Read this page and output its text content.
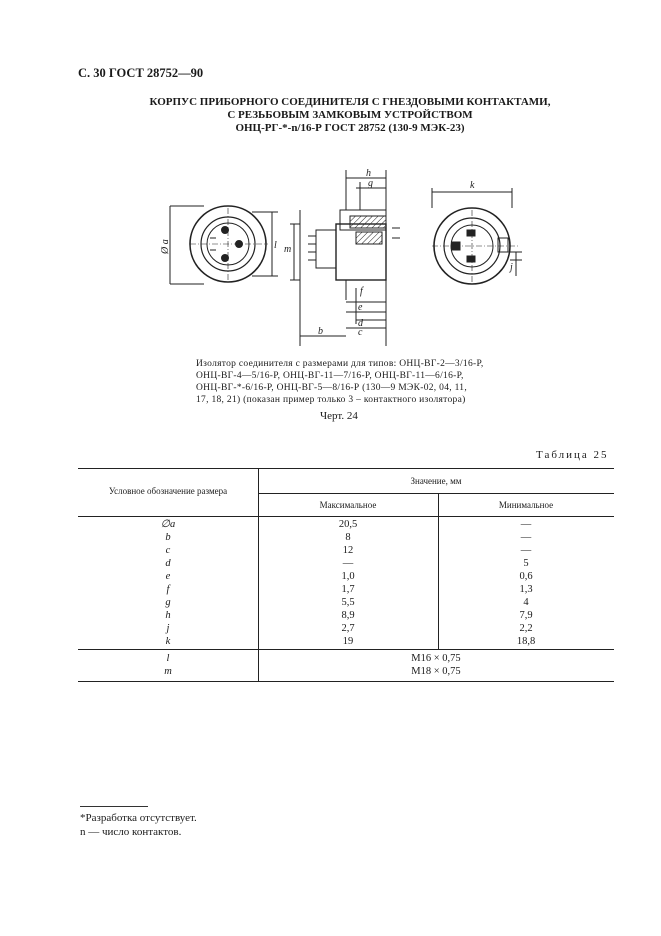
С. 30 ГОСТ 28752—90
КОРПУС ПРИБОРНОГО СОЕДИНИТЕЛЯ С ГНЕЗДОВЫМИ КОНТАКТАМИ,
С РЕЗЬБОВЫМ ЗАМКОВЫМ УСТРОЙСТВОМ
ОНЦ-РГ-*-n/16-Р ГОСТ 28752 (130-9 МЭК-23)
Ø a	l m
h
g	k
j
f
e
d
c
b
Изолятор соединителя с размерами для типов: ОНЦ-ВГ-2—3/16-Р,
ОНЦ-ВГ-4—5/16-Р, ОНЦ-ВГ-11—7/16-Р, ОНЦ-ВГ-11—6/16-Р,
ОНЦ-ВГ-*-6/16-Р, ОНЦ-ВГ-5—8/16-Р (130—9 МЭК-02, 04, 11,
17, 18, 21) (показан пример только 3 – контактного изолятора)
Черт. 24
Таблица 25
Условное обозначение размера
Значение, мм
Максимальное	Минимальное
∅a	20,5	—
b	8	—
c	12	—
d	—	5
e	1,0	0,6
f	1,7	1,3
g	5,5	4
h	8,9	7,9
j	2,7	2,2
k	19	18,8
l	M16 × 0,75
m	M18 × 0,75
*Разработка отсутствует.
n — число контактов.
